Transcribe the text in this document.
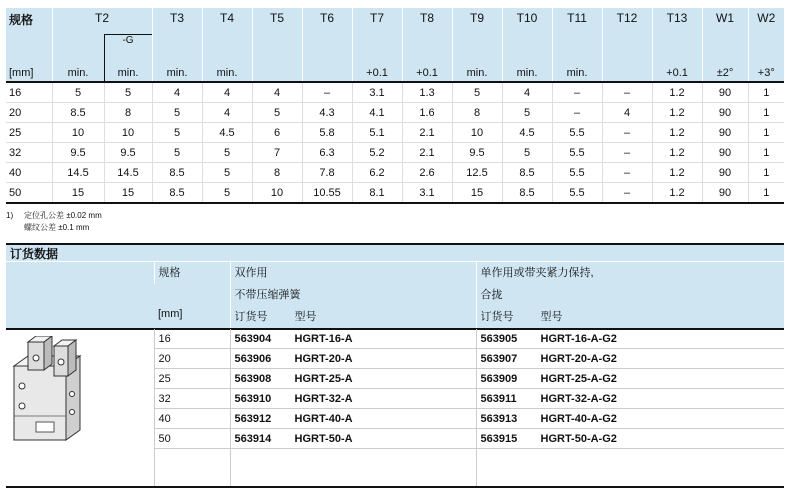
规格	T2		T3	T4	T5	T6	T7	T8	T9	T10	T11	T12	T13	W1	W2
		-G													
[mm]	min.	min.	min.	min.			+0.1	+0.1	min.	min.	min.		+0.1	±2°	+3°
16	5	5	4	4	4	–	3.1	1.3	5	4	–	–	1.2	90	1
20	8.5	8	5	4	5	4.3	4.1	1.6	8	5	–	4	1.2	90	1
25	10	10	5	4.5	6	5.8	5.1	2.1	10	4.5	5.5	–	1.2	90	1
32	9.5	9.5	5	5	7	6.3	5.2	2.1	9.5	5	5.5	–	1.2	90	1
40	14.5	14.5	8.5	5	8	7.8	6.2	2.6	12.5	8.5	5.5	–	1.2	90	1
50	15	15	8.5	5	10	10.55	8.1	3.1	15	8.5	5.5	–	1.2	90	1
1) 定位孔公差 ±0.02 mm
螺纹公差 ±0.1 mm
订货数据
	规格	双作用	单作用或带夹紧力保持,
		不带压缩弹簧	合拢
	[mm]	订货号 型号	订货号 型号

	16	563904 HGRT-16-A	563905 HGRT-16-A-G2
	20	563906 HGRT-20-A	563907 HGRT-20-A-G2
	25	563908 HGRT-25-A	563909 HGRT-25-A-G2
	32	563910 HGRT-32-A	563911 HGRT-32-A-G2
	40	563912 HGRT-40-A	563913 HGRT-40-A-G2
	50	563914 HGRT-50-A	563915 HGRT-50-A-G2
